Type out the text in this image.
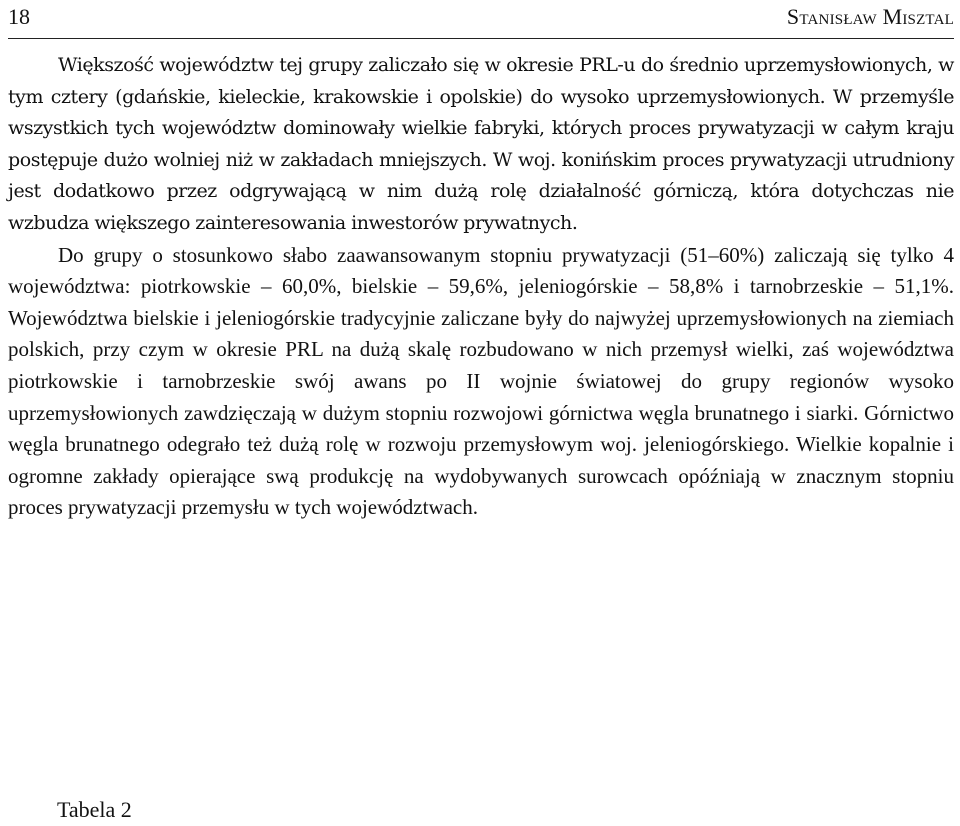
18	Stanisław Misztal

Większość województw tej grupy zaliczało się w okresie PRL-u do średnio uprzemysłowionych, w tym cztery (gdańskie, kieleckie, krakowskie i opolskie) do wysoko uprzemysłowionych. W przemyśle wszystkich tych województw dominowały wielkie fabryki, których proces prywatyzacji w całym kraju postępuje dużo wolniej niż w zakładach mniejszych. W woj. konińskim proces prywatyzacji utrudniony jest dodatkowo przez odgrywającą w nim dużą rolę działalność górniczą, która dotychczas nie wzbudza większego zainteresowania inwestorów prywatnych.

Do grupy o stosunkowo słabo zaawansowanym stopniu prywatyzacji (51–60%) zaliczają się tylko 4 województwa: piotrkowskie – 60,0%, bielskie – 59,6%, jeleniogórskie – 58,8% i tarnobrzeskie – 51,1%. Województwa bielskie i jeleniogórskie tradycyjnie zaliczane były do najwyżej uprzemysłowionych na ziemiach polskich, przy czym w okresie PRL na dużą skalę rozbudowano w nich przemysł wielki, zaś województwa piotrkowskie i tarnobrzeskie swój awans po II wojnie światowej do grupy regionów wysoko uprzemysłowionych zawdzięczają w dużym stopniu rozwojowi górnictwa węgla brunatnego i siarki. Górnictwo węgla brunatnego odegrało też dużą rolę w rozwoju przemysłowym woj. jeleniogórskiego. Wielkie kopalnie i ogromne zakłady opierające swą produkcję na wydobywanych surowcach opóźniają w znacznym stopniu proces prywatyzacji przemysłu w tych województwach.

Tabela 2
